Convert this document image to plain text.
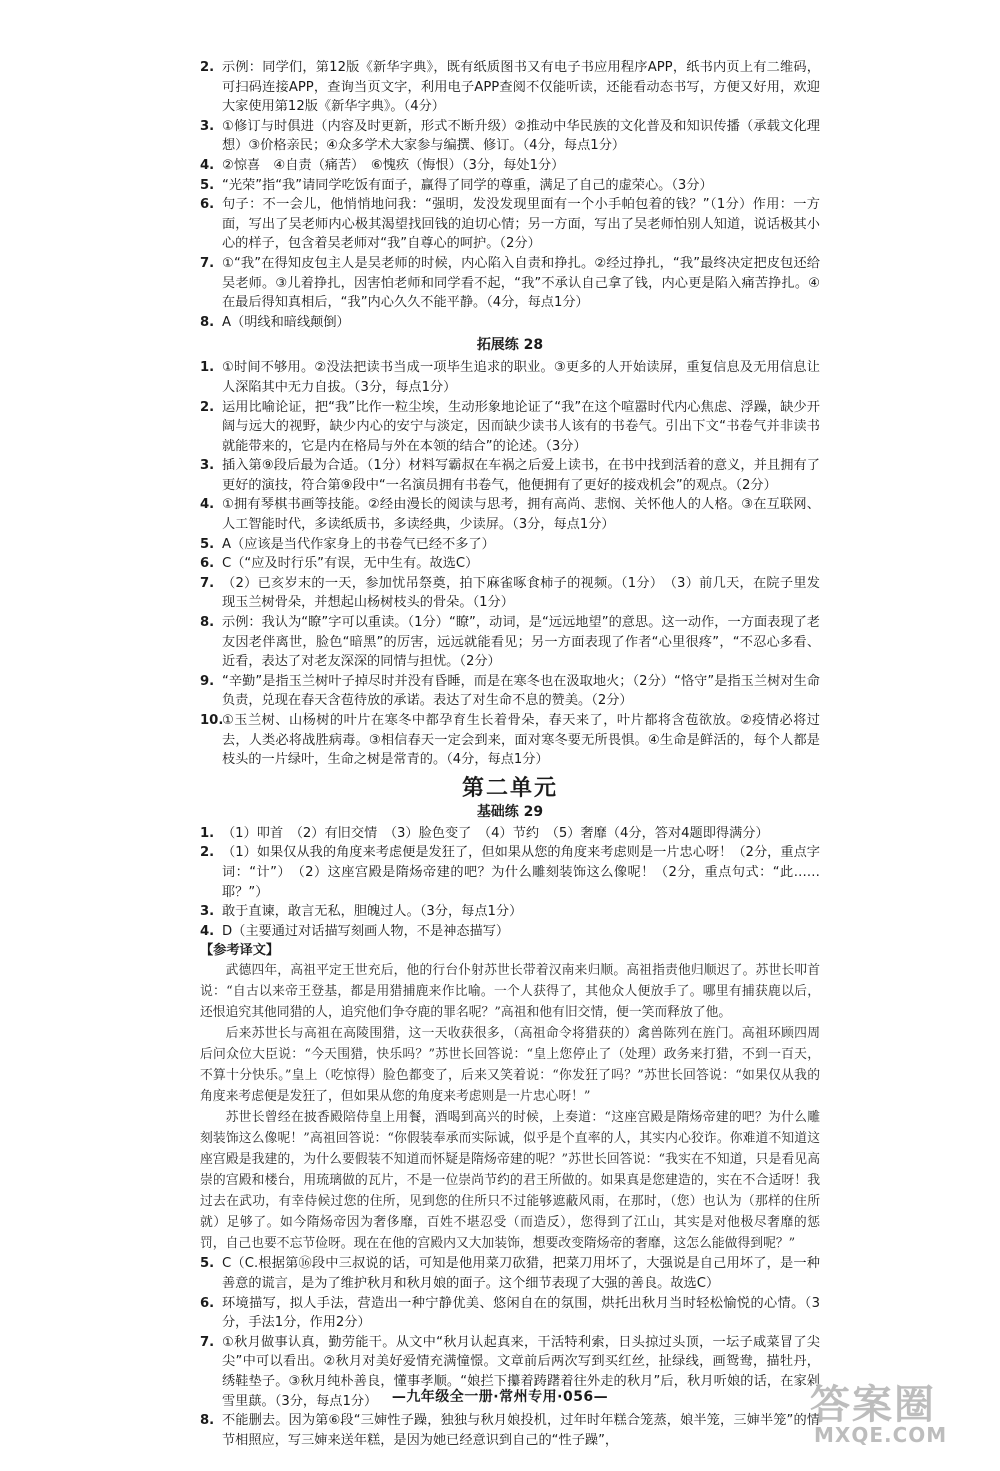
2. 示例：同学们，第12版《新华字典》，既有纸质图书又有电子书应用程序APP，纸书内页上有二维码，可扫码连接APP，查询当页文字，利用电子APP查阅不仅能听读，还能看动态书写，方便又好用，欢迎大家使用第12版《新华字典》。（4分）
3. ①修订与时俱进（内容及时更新，形式不断升级）②推动中华民族的文化普及和知识传播（承载文化理想）③价格亲民；④众多学术大家参与编撰、修订。（4分，每点1分）
4. ②惊喜　④自责（痛苦）　⑥愧疚（悔恨）（3分，每处1分）
5. “光荣”指“我”请同学吃饭有面子，赢得了同学的尊重，满足了自己的虚荣心。（3分）
6. 句子：不一会儿，他悄悄地问我：“强明，发没发现里面有一个小手帕包着的钱？”（1分）作用：一方面，写出了吴老师内心极其渴望找回钱的迫切心情；另一方面，写出了吴老师怕别人知道，说话极其小心的样子，包含着吴老师对“我”自尊心的呵护。（2分）
7. ①“我”在得知皮包主人是吴老师的时候，内心陷入自责和挣扎。②经过挣扎，“我”最终决定把皮包还给吴老师。③儿着挣扎，因害怕老师和同学看不起，“我”不承认自己拿了钱，内心更是陷入痛苦挣扎。④在最后得知真相后，“我”内心久久不能平静。（4分，每点1分）
8. A（明线和暗线颠倒）
拓展练 28
1. ①时间不够用。②没法把读书当成一项毕生追求的职业。③更多的人开始读屏，重复信息及无用信息让人深陷其中无力自拔。（3分，每点1分）
2. 运用比喻论证，把“我”比作一粒尘埃，生动形象地论证了“我”在这个喧嚣时代内心焦虑、浮躁，缺少开阔与远大的视野，缺少内心的安宁与淡定，因而缺少读书人该有的书卷气。引出下文“书卷气并非读书就能带来的，它是内在格局与外在本领的结合”的论述。（3分）
3. 插入第⑨段后最为合适。（1分）材料写霸叔在车祸之后爱上读书，在书中找到活着的意义，并且拥有了更好的演技，符合第⑨段中“一名演员拥有书卷气，他便拥有了更好的接戏机会”的观点。（2分）
4. ①拥有琴棋书画等技能。②经由漫长的阅读与思考，拥有高尚、悲悯、关怀他人的人格。③在互联网、人工智能时代，多读纸质书，多读经典，少读屏。（3分，每点1分）
5. A（应该是当代作家身上的书卷气已经不多了）
6. C（“应及时行乐”有误，无中生有。故选C）
7. （2）已亥岁末的一天，参加忧吊祭奠，拍下麻雀啄食柿子的视频。（1分）　（3）前几天，在院子里发现玉兰树骨朵，并想起山杨树枝头的骨朵。（1分）
8. 示例：我认为“瞭”字可以重读。（1分）“瞭”，动词，是“远远地望”的意思。这一动作，一方面表现了老友因老伴离世，脸色“暗黑”的厉害，远远就能看见；另一方面表现了作者“心里很疼”，“不忍心多看、近看，表达了对老友深深的同情与担忧。（2分）
9. “辛勤”是指玉兰树叶子掉尽时并没有昏睡，而是在寒冬也在汲取地火；（2分）“恪守”是指玉兰树对生命负责，兑现在春天含苞待放的承诺。表达了对生命不息的赞美。（2分）
10.
①玉兰树、山杨树的叶片在寒冬中都孕育生长着骨朵，春天来了，叶片都将含苞欲放。②疫情必将过去，人类必将战胜病毒。③相信春天一定会到来，面对寒冬要无所畏惧。④生命是鲜活的，每个人都是枝头的一片绿叶，生命之树是常青的。（4分，每点1分）
第二单元
基础练 29
1. （1）叩首　（2）有旧交情　（3）脸色变了　（4）节约　（5）奢靡（4分，答对4题即得满分）
2. （1）如果仅从我的角度来考虑便是发狂了，但如果从您的角度来考虑则是一片忠心呀！（2分，重点字词：“计”）　（2）这座宫殿是隋炀帝建的吧？为什么雕刻装饰这么像呢！（2分，重点句式：“此……耶？”）
3. 敢于直谏，敢言无私，胆魄过人。（3分，每点1分）
4. D（主要通过对话描写刻画人物，不是神态描写）
【参考译文】

武德四年，高祖平定王世充后，他的行台仆射苏世长带着汉南来归顺。高祖指责他归顺迟了。苏世长叩首说：“自古以来帝王登基，都是用猎捕鹿来作比喻。一个人获得了，其他众人便放手了。哪里有捕获鹿以后，还恨追究其他同猎的人，追究他们争夺鹿的罪名呢？”高祖和他有旧交情，便一笑而释放了他。

后来苏世长与高祖在高陵围猎，这一天收获很多，（高祖命令将猎获的）禽兽陈列在旌门。高祖环顾四周后问众位大臣说：“今天围猎，快乐吗？”苏世长回答说：“皇上您停止了（处理）政务来打猎，不到一百天，不算十分快乐。”皇上（吃惊得）脸色都变了，后来又笑着说：“你发狂了吗？”苏世长回答说：“如果仅从我的角度来考虑便是发狂了，但如果从您的角度来考虑则是一片忠心呀！”

苏世长曾经在披香殿陪侍皇上用餐，酒喝到高兴的时候，上奏道：“这座宫殿是隋炀帝建的吧？为什么雕刻装饰这么像呢！”高祖回答说：“你假装奉承而实际诚，似乎是个直率的人，其实内心狡诈。你难道不知道这座宫殿是我建的，为什么要假装不知道而怀疑是隋炀帝建的呢？”苏世长回答说：“我实在不知道，只是看见高崇的宫殿和楼台，用琉璃做的瓦片，不是一位崇尚节约的君王所做的。如果真是您建造的，实在不合适呀！我过去在武功，有幸侍候过您的住所，见到您的住所只不过能够遮蔽风雨，在那时，（您）也认为（那样的住所就）足够了。如今隋炀帝因为奢侈靡，百姓不堪忍受（而造反），您得到了江山，其实是对他极尽奢靡的惩罚，自己也要不忘节俭呀。现在在他的宫殿内又大加装饰，想要改变隋炀帝的奢靡，这怎么能做得到呢？”

5. C（C.根据第⑯段中三叔说的话，可知是他用菜刀砍猎，把菜刀用坏了，大强说是自己用坏了，是一种善意的谎言，是为了维护秋月和秋月娘的面子。这个细节表现了大强的善良。故选C）
6. 环境描写，拟人手法，营造出一种宁静优美、悠闲自在的氛围，烘托出秋月当时轻松愉悦的心情。（3分，手法1分，作用2分）
7. ①秋月做事认真，勤劳能干。从文中“秋月认起真来，干活特利索，日头掠过头顶，一坛子咸菜冒了尖尖”中可以看出。②秋月对美好爱情充满憧憬。文章前后两次写到买红丝，扯绿线，画鸳鸯，描牡丹，绣鞋垫子。③秋月纯朴善良，懂事孝顺。“娘拦下攥着踌躇着往外走的秋月”后，秋月听娘的话，在家剁雪里蕻。（3分，每点1分）
8. 不能删去。因为第⑥段“三婶性子躁，独独与秋月娘投机，过年时年糕合笼蒸，娘半笼，三婶半笼”的情节相照应，写三婶来送年糕，是因为她已经意识到自己的“性子躁”，
—九年级全一册·常州专用·056—	答案圈
MXQE.COM
